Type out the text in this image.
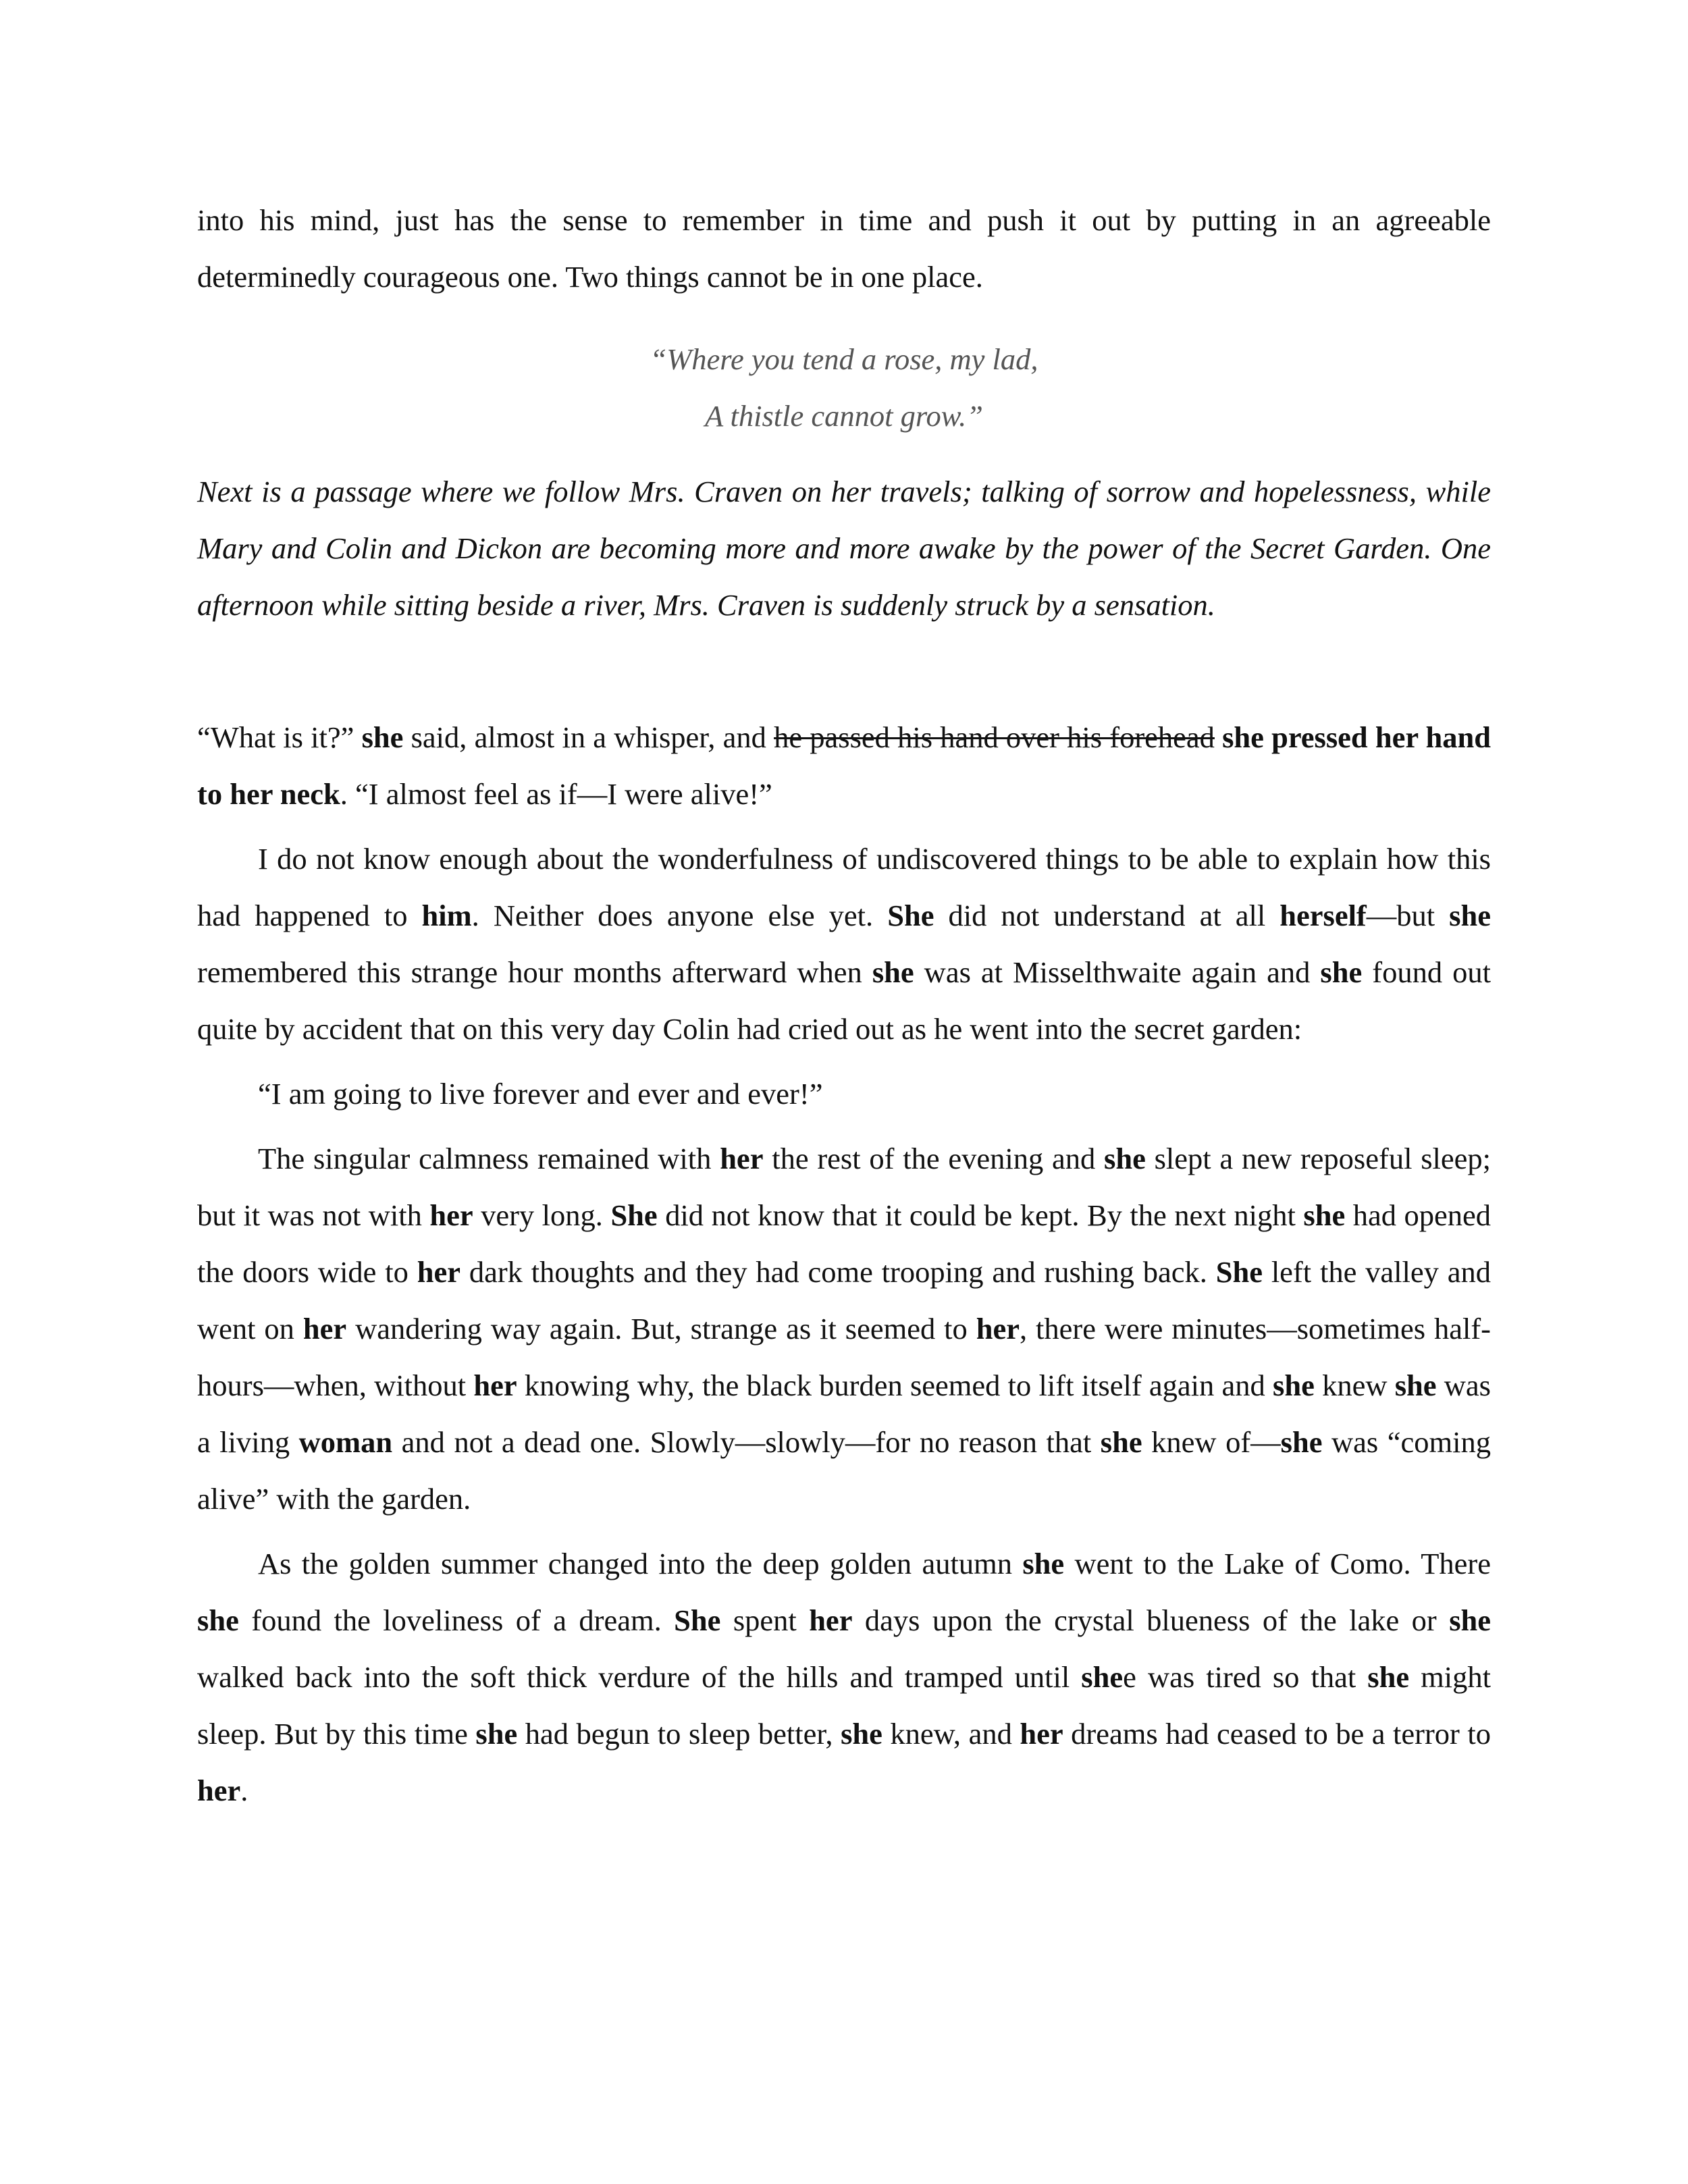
into his mind, just has the sense to remember in time and push it out by putting in an agreeable determinedly courageous one. Two things cannot be in one place.

“Where you tend a rose, my lad,
A thistle cannot grow.”
Next is a passage where we follow Mrs. Craven on her travels; talking of sorrow and hopelessness, while Mary and Colin and Dickon are becoming more and more awake by the power of the Secret Garden. One afternoon while sitting beside a river, Mrs. Craven is suddenly struck by a sensation.

“What is it?” she said, almost in a whisper, and he passed his hand over his forehead she pressed her hand to her neck. “I almost feel as if—I were alive!”

I do not know enough about the wonderfulness of undiscovered things to be able to explain how this had happened to him. Neither does anyone else yet. She did not understand at all herself—but she remembered this strange hour months afterward when she was at Misselthwaite again and she found out quite by accident that on this very day Colin had cried out as he went into the secret garden:

“I am going to live forever and ever and ever!”

The singular calmness remained with her the rest of the evening and she slept a new reposeful sleep; but it was not with her very long. She did not know that it could be kept. By the next night she had opened the doors wide to her dark thoughts and they had come trooping and rushing back. She left the valley and went on her wandering way again. But, strange as it seemed to her, there were minutes—sometimes half-hours—when, without her knowing why, the black burden seemed to lift itself again and she knew she was a living woman and not a dead one. Slowly—slowly—for no reason that she knew of—she was “coming alive” with the garden.

As the golden summer changed into the deep golden autumn she went to the Lake of Como. There she found the loveliness of a dream. She spent her days upon the crystal blueness of the lake or she walked back into the soft thick verdure of the hills and tramped until shee was tired so that she might sleep. But by this time she had begun to sleep better, she knew, and her dreams had ceased to be a terror to her.
